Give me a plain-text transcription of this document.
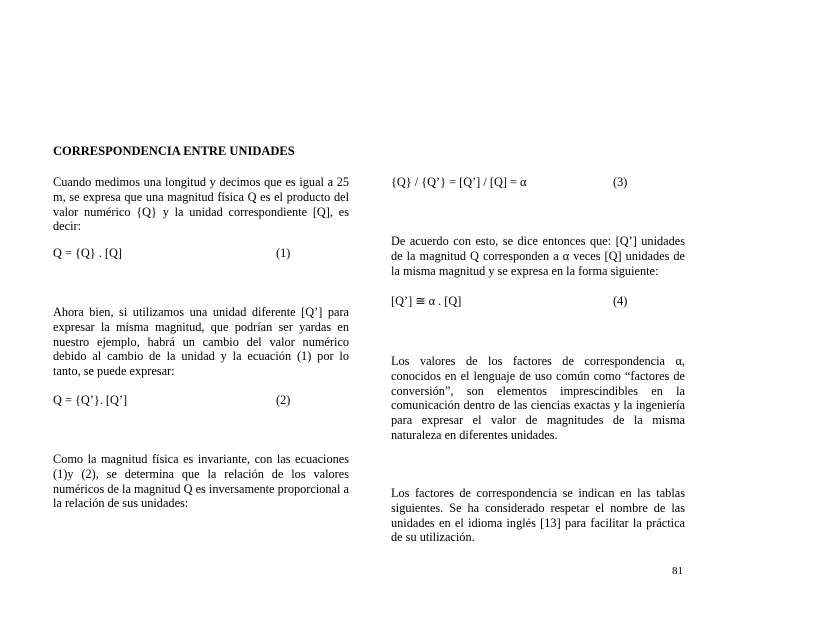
CORRESPONDENCIA ENTRE UNIDADES

Cuando medimos una longitud y decimos que es igual a 25 m, se expresa que una magnitud física Q es el producto del valor numérico {Q} y la unidad correspondiente [Q], es decir:

Q = {Q} . [Q]	(1)

Ahora bien, si utilizamos una unidad diferente [Q’] para expresar la misma magnitud, que podrían ser yardas en nuestro ejemplo, habrá un cambio del valor numérico debido al cambio de la unidad y la ecuación (1) por lo tanto, se puede expresar:

Q = {Q’}. [Q’]	(2)

Como la magnitud física es invariante, con las ecuaciones (1)y (2), se determina que la relación de los valores numéricos de la magnitud Q es inversamente proporcional a la relación de sus unidades:

{Q} / {Q’} = [Q’] / [Q] = α	(3)

De acuerdo con esto, se dice entonces que: [Q’] unidades de la magnitud Q corresponden a α veces [Q] unidades de la misma magnitud y se expresa en la forma siguiente:

[Q’] ≅ α . [Q]	(4)

Los valores de los factores de correspondencia α, conocidos en el lenguaje de uso común como “factores de conversión”, son elementos imprescindibles en la comunicación dentro de las ciencias exactas y la ingeniería para expresar el valor de magnitudes de la misma naturaleza en diferentes unidades.

Los factores de correspondencia se indican en las tablas siguientes. Se ha considerado respetar el nombre de las unidades en el idioma inglés [13] para facilitar la práctica de su utilización.

81
